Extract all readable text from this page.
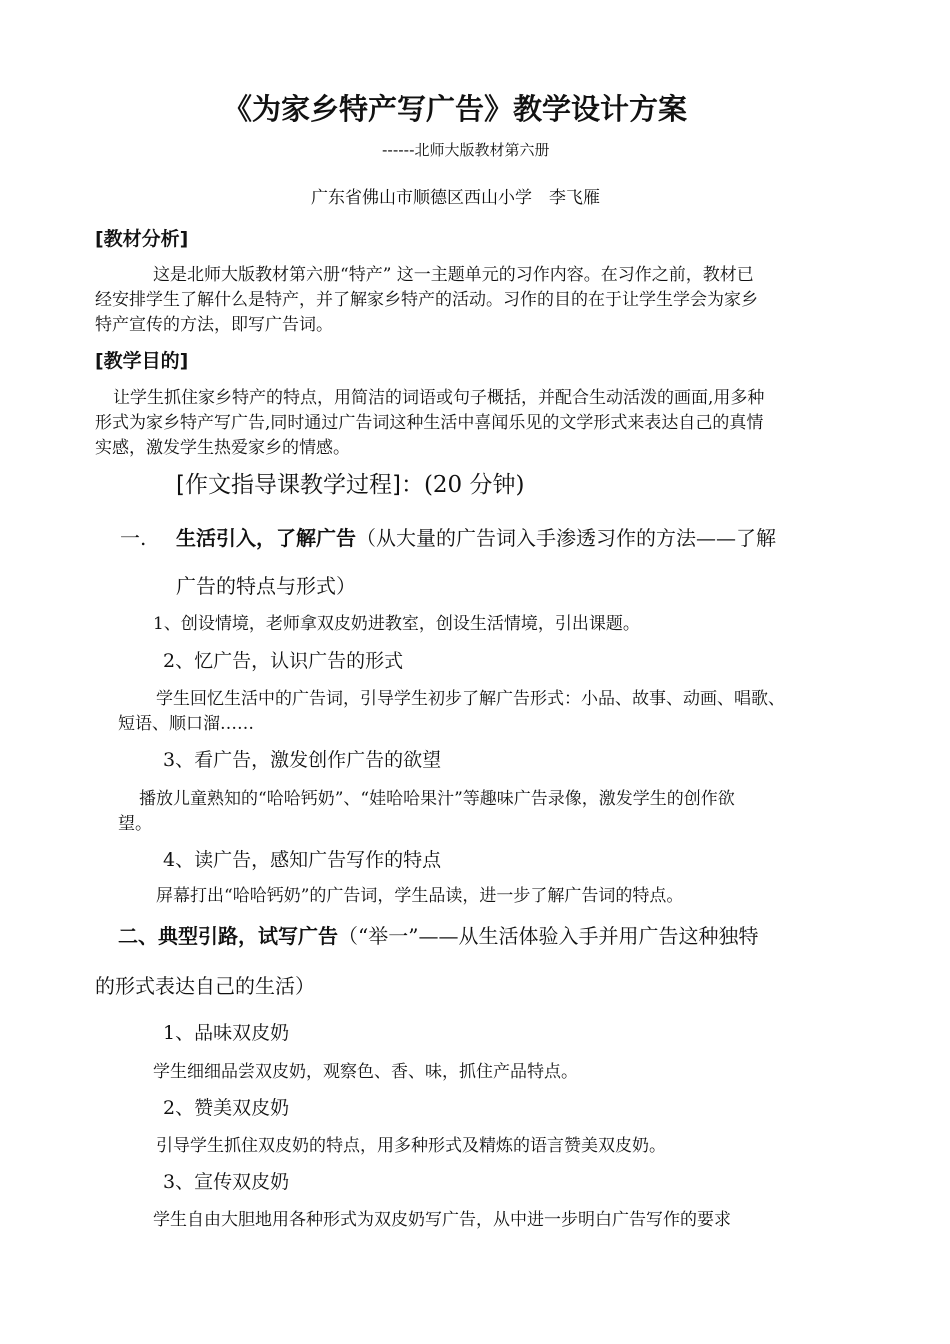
《为家乡特产写广告》教学设计方案
------北师大版教材第六册
广东省佛山市顺德区西山小学　李飞雁
[教材分析]
这是北师大版教材第六册“特产” 这一主题单元的习作内容。在习作之前，教材已
经安排学生了解什么是特产，并了解家乡特产的活动。习作的目的在于让学生学会为家乡
特产宣传的方法，即写广告词。
[教学目的]
让学生抓住家乡特产的特点，用简洁的词语或句子概括，并配合生动活泼的画面,用多种
形式为家乡特产写广告,同时通过广告词这种生活中喜闻乐见的文学形式来表达自己的真情
实感，激发学生热爱家乡的情感。
[作文指导课教学过程]：(20 分钟)
一. 生活引入，了解广告（从大量的广告词入手渗透习作的方法——了解
广告的特点与形式）
1、创设情境，老师拿双皮奶进教室，创设生活情境，引出课题。
2、忆广告，认识广告的形式
学生回忆生活中的广告词，引导学生初步了解广告形式：小品、故事、动画、唱歌、
短语、顺口溜……
3、看广告，激发创作广告的欲望
播放儿童熟知的“哈哈钙奶”、“娃哈哈果汁”等趣味广告录像，激发学生的创作欲
望。
4、读广告，感知广告写作的特点
屏幕打出“哈哈钙奶”的广告词，学生品读，进一步了解广告词的特点。
二、典型引路，试写广告（“举一”——从生活体验入手并用广告这种独特
的形式表达自己的生活）
1、品味双皮奶
学生细细品尝双皮奶，观察色、香、味，抓住产品特点。
2、赞美双皮奶
引导学生抓住双皮奶的特点，用多种形式及精炼的语言赞美双皮奶。
3、宣传双皮奶
学生自由大胆地用各种形式为双皮奶写广告，从中进一步明白广告写作的要求
